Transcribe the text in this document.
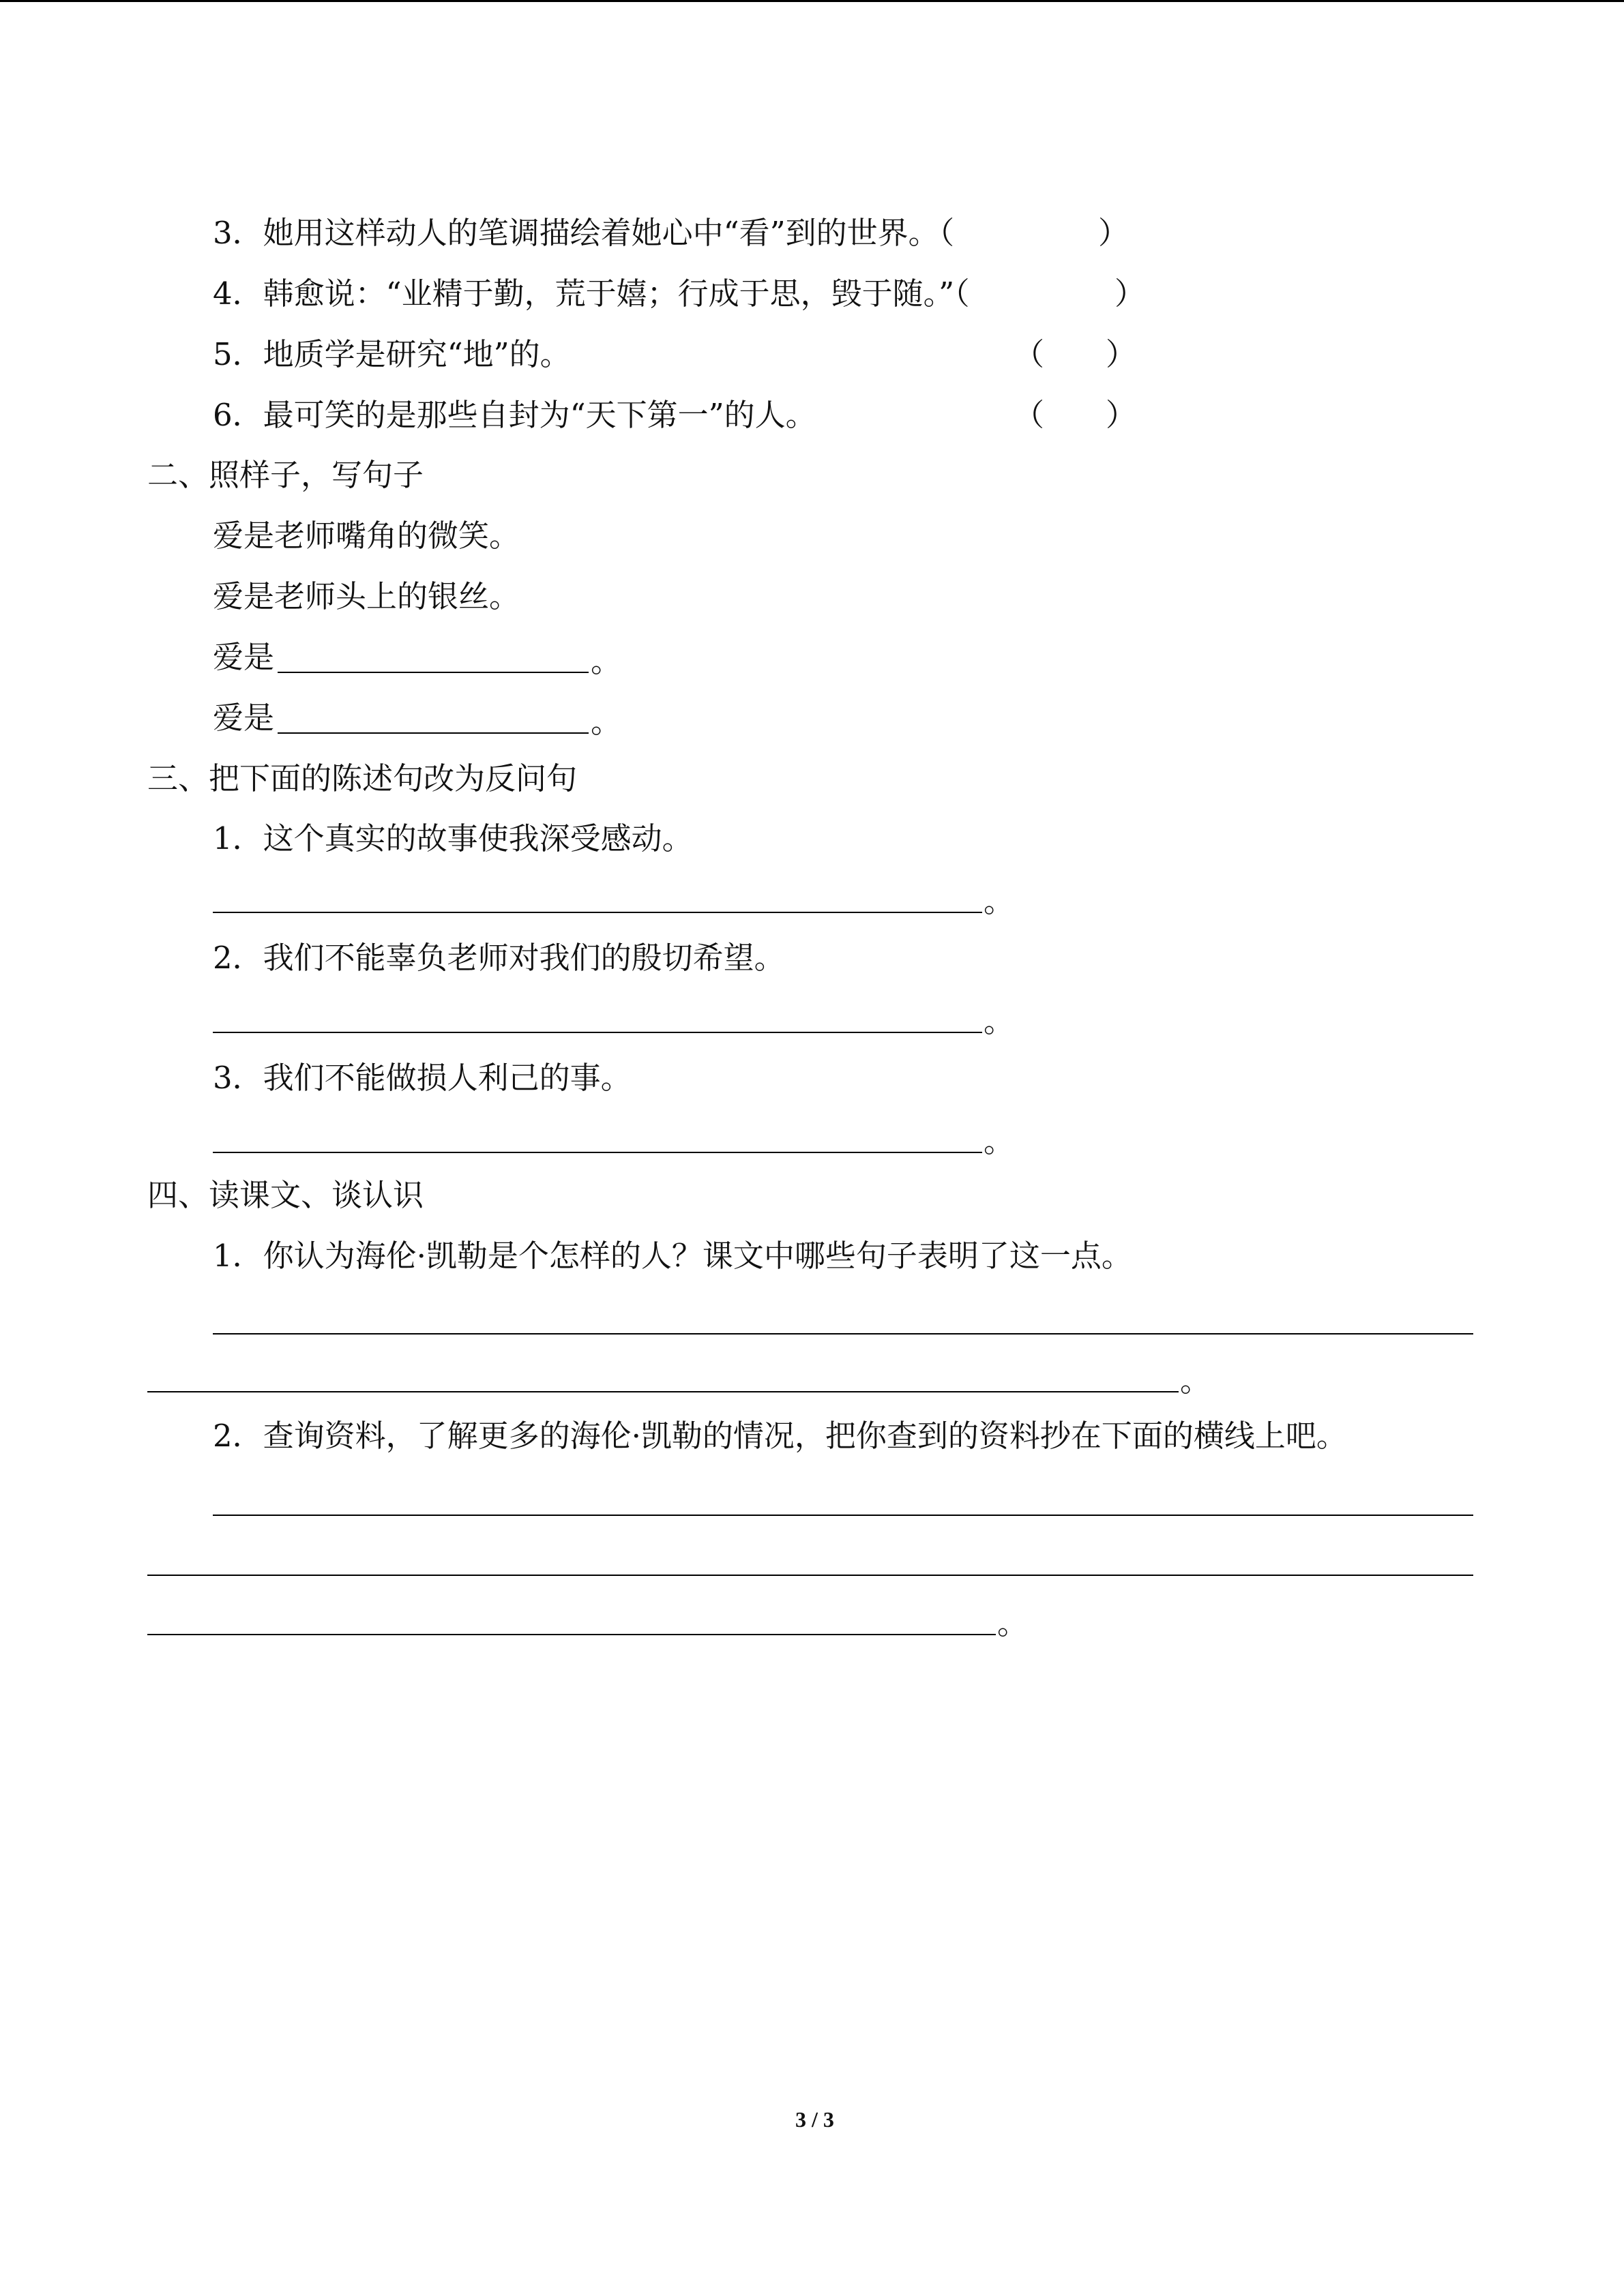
3．她用这样动人的笔调描绘着她心中“看”到的世界。（	）
4．韩愈说：“业精于勤，荒于嬉；行成于思，毁于随。”（	）
5．地质学是研究“地”的。	（ ）
6．最可笑的是那些自封为“天下第一”的人。	（ ）
二、照样子，写句子
爱是老师嘴角的微笑。
爱是老师头上的银丝。
爱是	。
爱是	。
三、把下面的陈述句改为反问句
1．这个真实的故事使我深受感动。
。
2．我们不能辜负老师对我们的殷切希望。
。
3．我们不能做损人利己的事。
。
四、读课文、谈认识
1．你认为海伦·凯勒是个怎样的人？课文中哪些句子表明了这一点。
。
2．查询资料，了解更多的海伦·凯勒的情况，把你查到的资料抄在下面的横线上吧。
。
3 / 3
